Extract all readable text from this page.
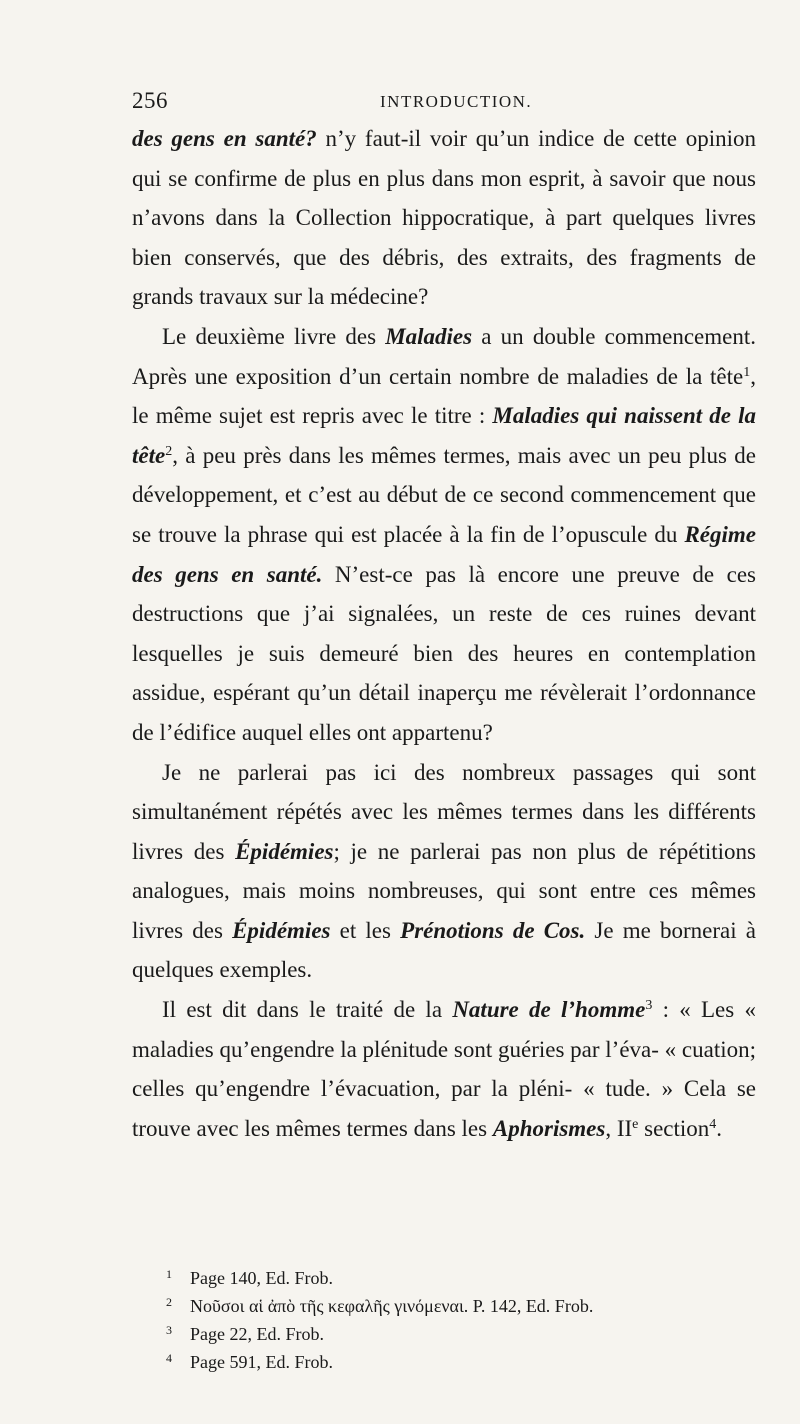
256	INTRODUCTION.

des gens en santé? n’y faut-il voir qu’un indice de cette opinion qui se confirme de plus en plus dans mon esprit, à savoir que nous n’avons dans la Collection hippocratique, à part quelques livres bien conservés, que des débris, des extraits, des fragments de grands travaux sur la médecine?

Le deuxième livre des Maladies a un double commencement. Après une exposition d’un certain nombre de maladies de la tête$^1$, le même sujet est repris avec le titre : Maladies qui naissent de la tête$^2$, à peu près dans les mêmes termes, mais avec un peu plus de développement, et c’est au début de ce second commencement que se trouve la phrase qui est placée à la fin de l’opuscule du Régime des gens en santé. N’est-ce pas là encore une preuve de ces destructions que j’ai signalées, un reste de ces ruines devant lesquelles je suis demeuré bien des heures en contemplation assidue, espérant qu’un détail inaperçu me révèlerait l’ordonnance de l’édifice auquel elles ont appartenu?

Je ne parlerai pas ici des nombreux passages qui sont simultanément répétés avec les mêmes termes dans les différents livres des Épidémies; je ne parlerai pas non plus de répétitions analogues, mais moins nombreuses, qui sont entre ces mêmes livres des Épidémies et les Prénotions de Cos. Je me bornerai à quelques exemples.

Il est dit dans le traité de la Nature de l’homme$^3$ : « Les « maladies qu’engendre la plénitude sont guéries par l’éva- « cuation; celles qu’engendre l’évacuation, par la pléni- « tude. » Cela se trouve avec les mêmes termes dans les Aphorismes, IIe section$^4$.

1 Page 140, Ed. Frob.

2 Νοῦσοι αἱ ἀπὸ τῆς κεφαλῆς γινόμεναι. P. 142, Ed. Frob.

3 Page 22, Ed. Frob.

4 Page 591, Ed. Frob.
